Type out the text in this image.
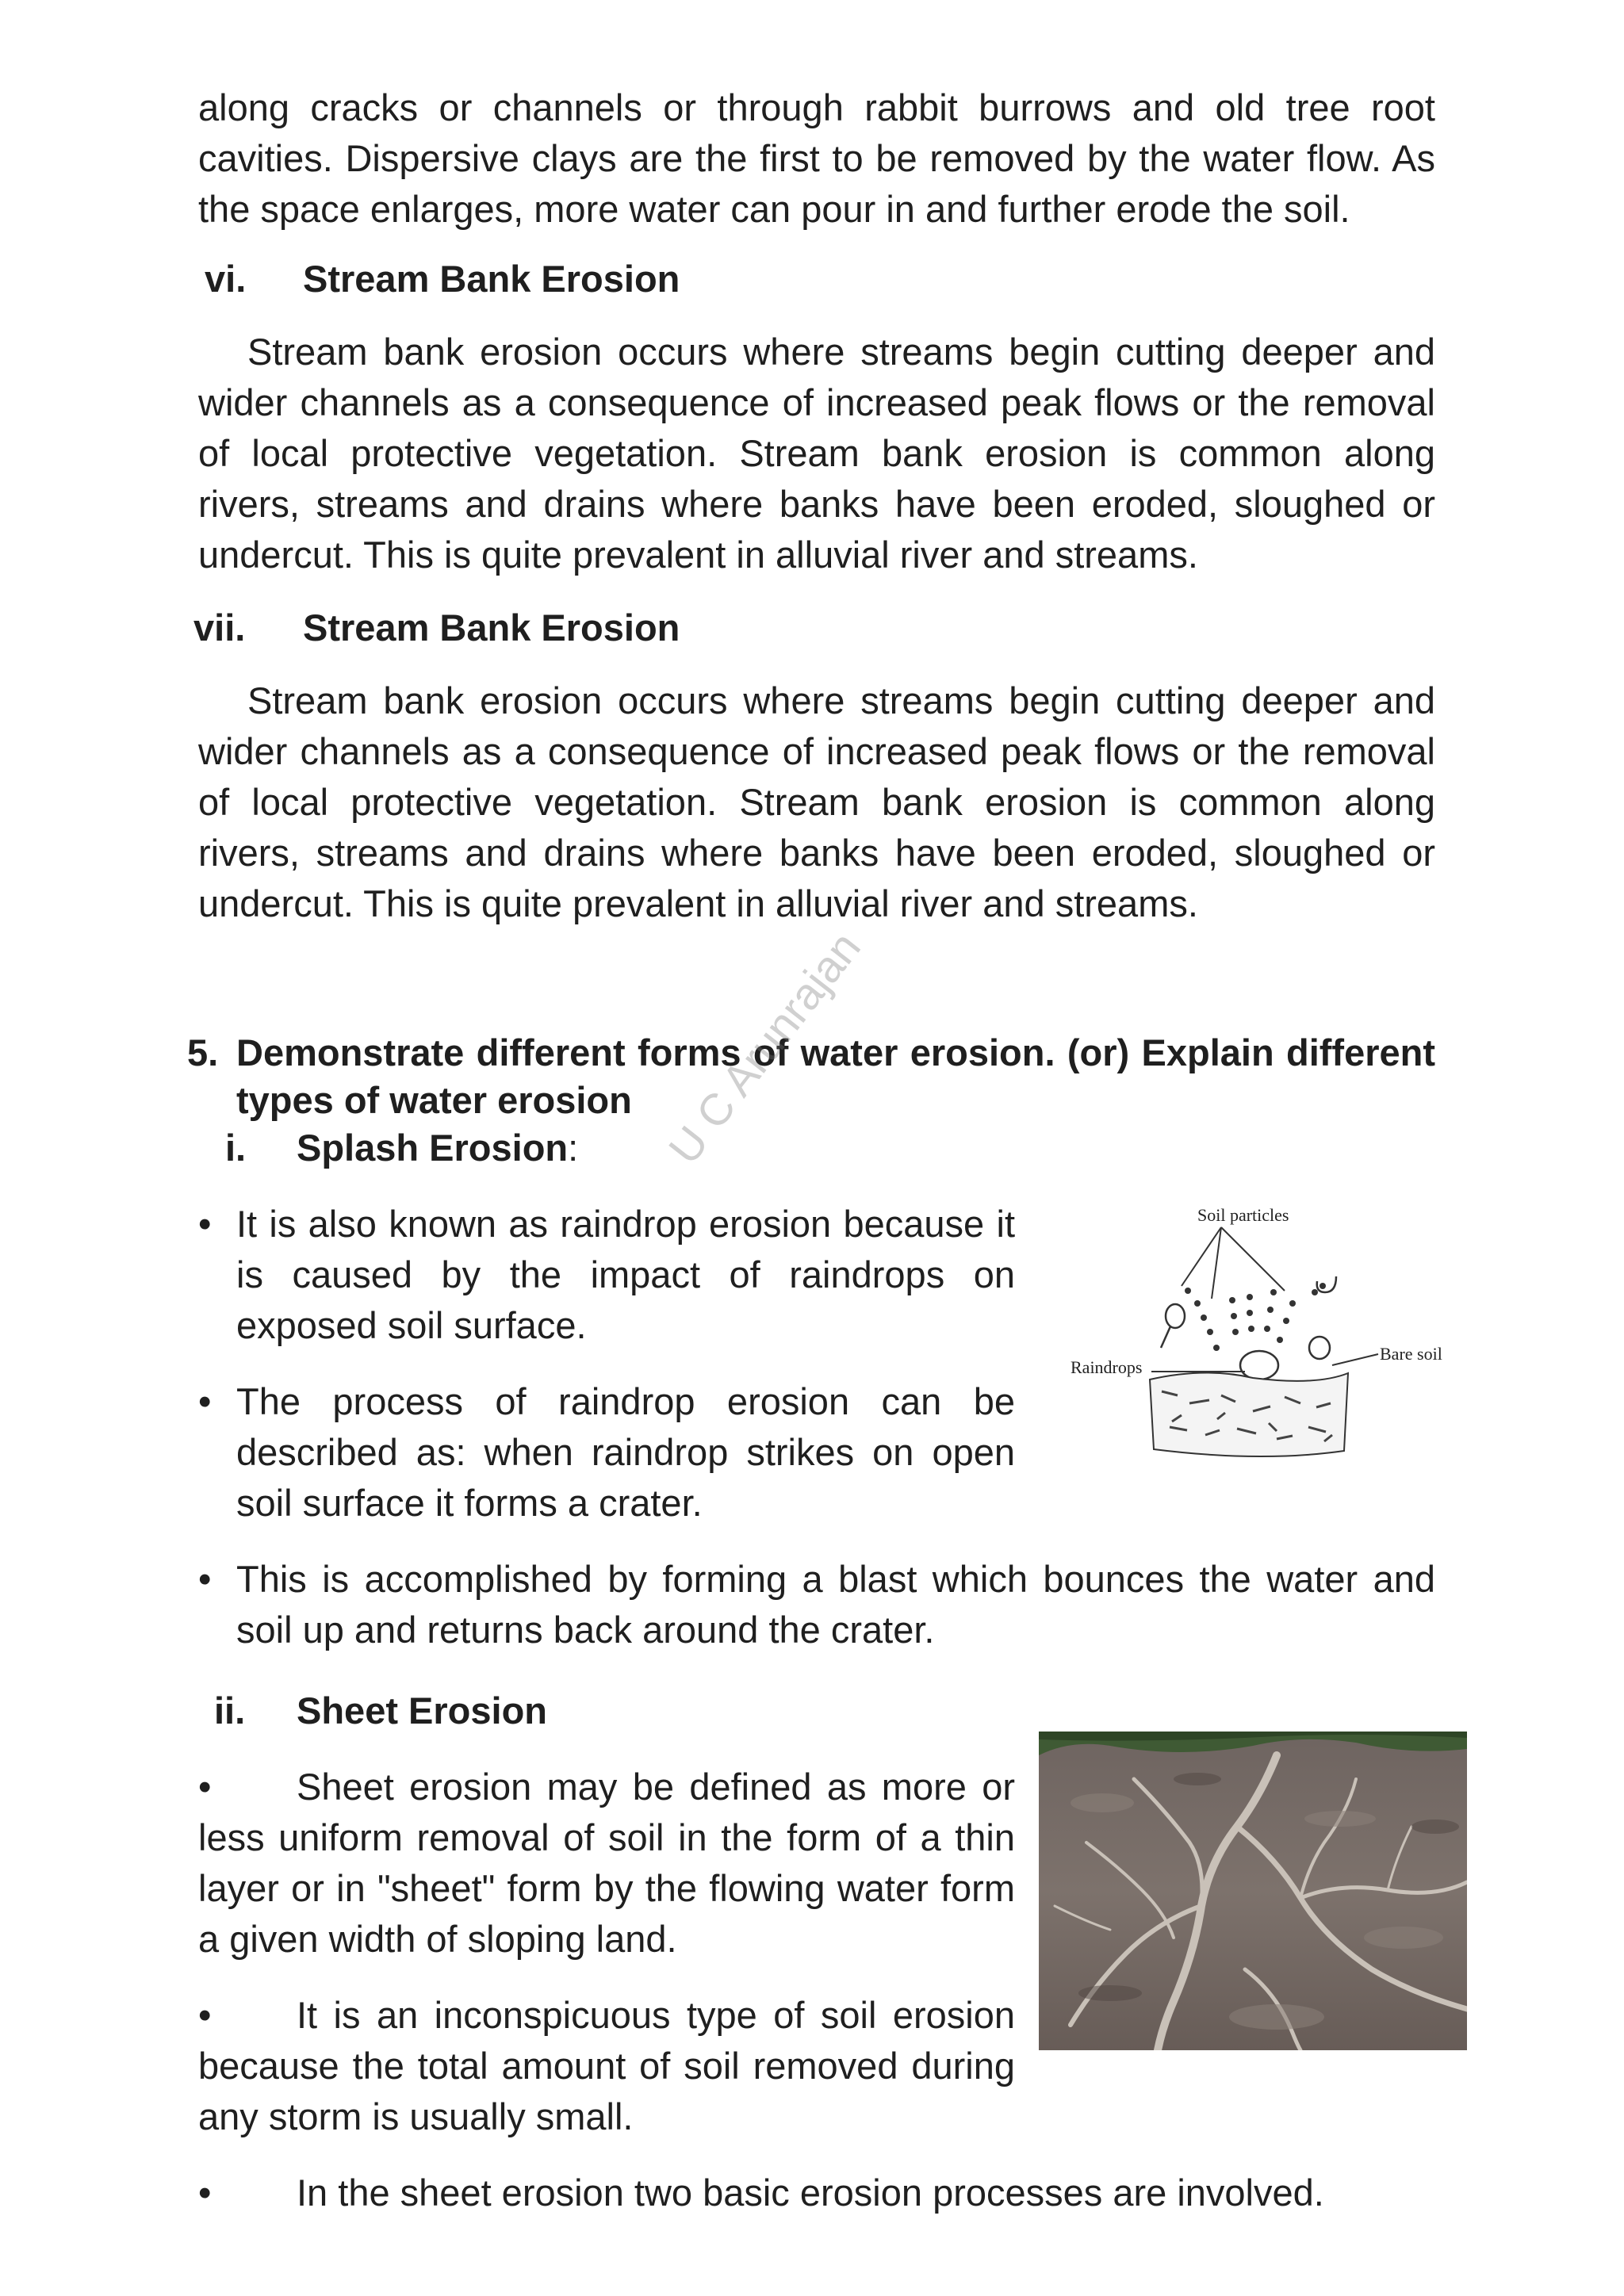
along cracks or channels or through rabbit burrows and old tree root cavities. Dispersive clays are the first to be removed by the water flow. As the space enlarges, more water can pour in and further erode the soil.

vi. Stream Bank Erosion

Stream bank erosion occurs where streams begin cutting deeper and wider channels as a consequence of increased peak flows or the removal of local protective vegetation. Stream bank erosion is common along rivers, streams and drains where banks have been eroded, sloughed or undercut. This is quite prevalent in alluvial river and streams.

vii. Stream Bank Erosion

Stream bank erosion occurs where streams begin cutting deeper and wider channels as a consequence of increased peak flows or the removal of local protective vegetation. Stream bank erosion is common along rivers, streams and drains where banks have been eroded, sloughed or undercut. This is quite prevalent in alluvial river and streams.

5. Demonstrate different forms of water erosion. (or) Explain different types of water erosion
i. Splash Erosion:
• It is also known as raindrop erosion because it is caused by the impact of raindrops on exposed soil surface.
• The process of raindrop erosion can be described as: when raindrop strikes on open soil surface it forms a crater.
• This is accomplished by forming a blast which bounces the water and soil up and returns back around the crater.
Soil particles
Raindrops
Bare soil
ii. Sheet Erosion
• Sheet erosion may be defined as more or less uniform removal of soil in the form of a thin layer or in "sheet" form by the flowing water form a given width of sloping land.
• It is an inconspicuous type of soil erosion because the total amount of soil removed during any storm is usually small.
• In the sheet erosion two basic erosion processes are involved.
U C Arunrajan
